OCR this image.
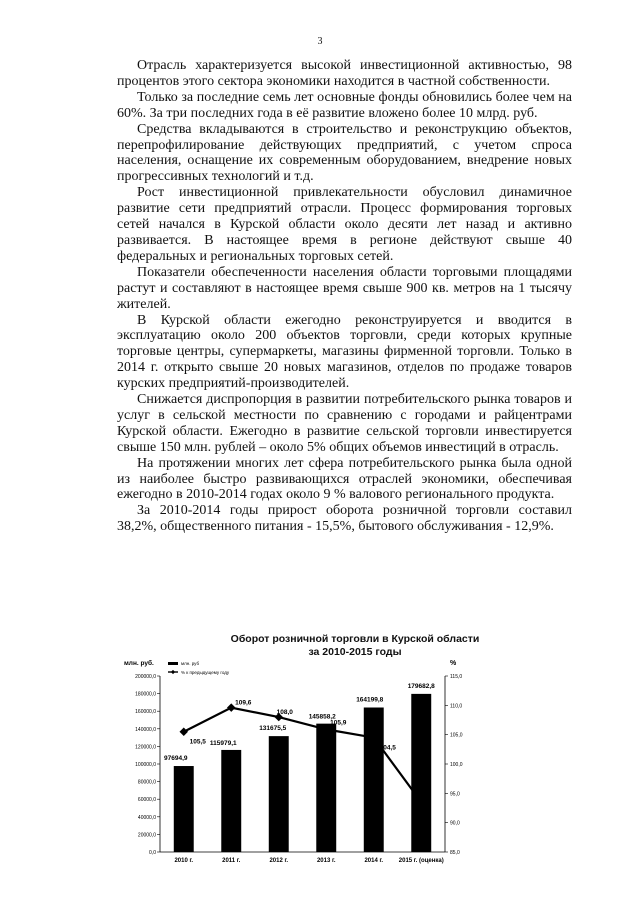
3

Отрасль характеризуется высокой инвестиционной активностью, 98 процентов этого сектора экономики находится в частной собственности.

Только за последние семь лет основные фонды обновились более чем на 60%. За три последних года в её развитие вложено более 10 млрд. руб.

Средства вкладываются в строительство и реконструкцию объектов, перепрофилирование действующих предприятий, с учетом спроса населения, оснащение их современным оборудованием, внедрение новых прогрессивных технологий и т.д.

Рост инвестиционной привлекательности обусловил динамичное развитие сети предприятий отрасли. Процесс формирования торговых сетей начался в Курской области около десяти лет назад и активно развивается. В настоящее время в регионе действуют свыше 40 федеральных и региональных торговых сетей.

Показатели обеспеченности населения области торговыми площадями растут и составляют в настоящее время свыше 900 кв. метров на 1 тысячу жителей.

В Курской области ежегодно реконструируется и вводится в эксплуатацию около 200 объектов торговли, среди которых крупные торговые центры, супермаркеты, магазины фирменной торговли. Только в 2014 г. открыто свыше 20 новых магазинов, отделов по продаже товаров курских предприятий-производителей.

Снижается диспропорция в развитии потребительского рынка товаров и услуг в сельской местности по сравнению с городами и райцентрами Курской области. Ежегодно в развитие сельской торговли инвестируется свыше 150 млн. рублей – около 5% общих объемов инвестиций в отрасль.

На протяжении многих лет сфера потребительского рынка была одной из наиболее быстро развивающихся отраслей экономики, обеспечивая ежегодно в 2010-2014 годах около 9 % валового регионального продукта.

За 2010-2014 годы прирост оборота розничной торговли составил 38,2%, общественного питания - 15,5%, бытового обслуживания - 12,9%.

Оборот розничной торговли в Курской области
за 2010-2015 годы
млн. руб.	%
0,0
20000,0
40000,0
60000,0
80000,0
100000,0
120000,0
140000,0
160000,0
180000,0
200000,0
85,0
90,0
95,0
100,0
105,0
110,0
115,0
97694,9
115979,1
131675,5
145858,2
164199,8
179682,8
2010 г.	2011 г.	2012 г.	2013 г.	2014 г.	2015 г. (оценка)
105,5
109,6
108,0
105,9
104,5
93,5
млн. руб
% к предыдущему году
